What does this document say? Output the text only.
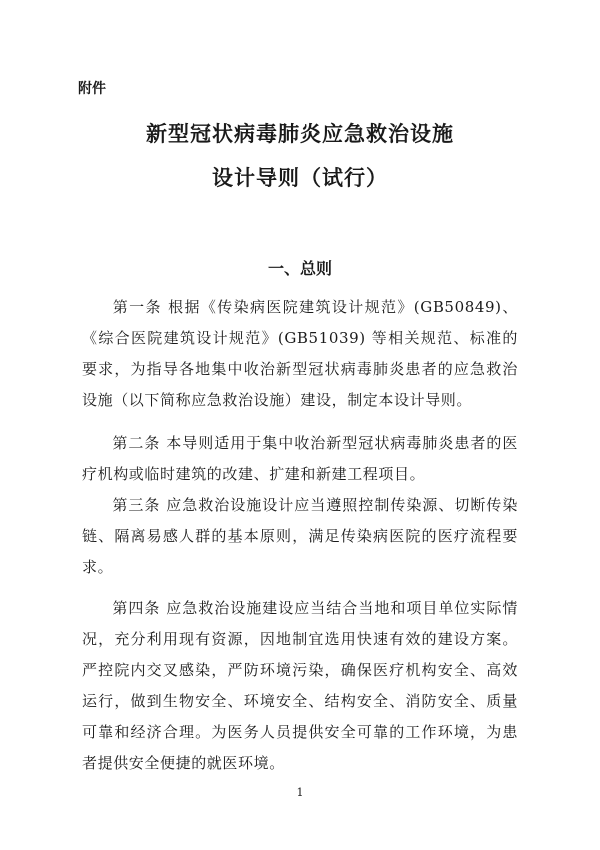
附件
新型冠状病毒肺炎应急救治设施
设计导则（试行）
一、总则
第一条 根据《传染病医院建筑设计规范》(GB50849)、《综合医院建筑设计规范》(GB51039) 等相关规范、标准的要求，为指导各地集中收治新型冠状病毒肺炎患者的应急救治设施（以下简称应急救治设施）建设，制定本设计导则。
第二条 本导则适用于集中收治新型冠状病毒肺炎患者的医疗机构或临时建筑的改建、扩建和新建工程项目。
第三条 应急救治设施设计应当遵照控制传染源、切断传染链、隔离易感人群的基本原则，满足传染病医院的医疗流程要求。
第四条 应急救治设施建设应当结合当地和项目单位实际情况，充分利用现有资源，因地制宜选用快速有效的建设方案。严控院内交叉感染，严防环境污染，确保医疗机构安全、高效运行，做到生物安全、环境安全、结构安全、消防安全、质量可靠和经济合理。为医务人员提供安全可靠的工作环境，为患者提供安全便捷的就医环境。
1
